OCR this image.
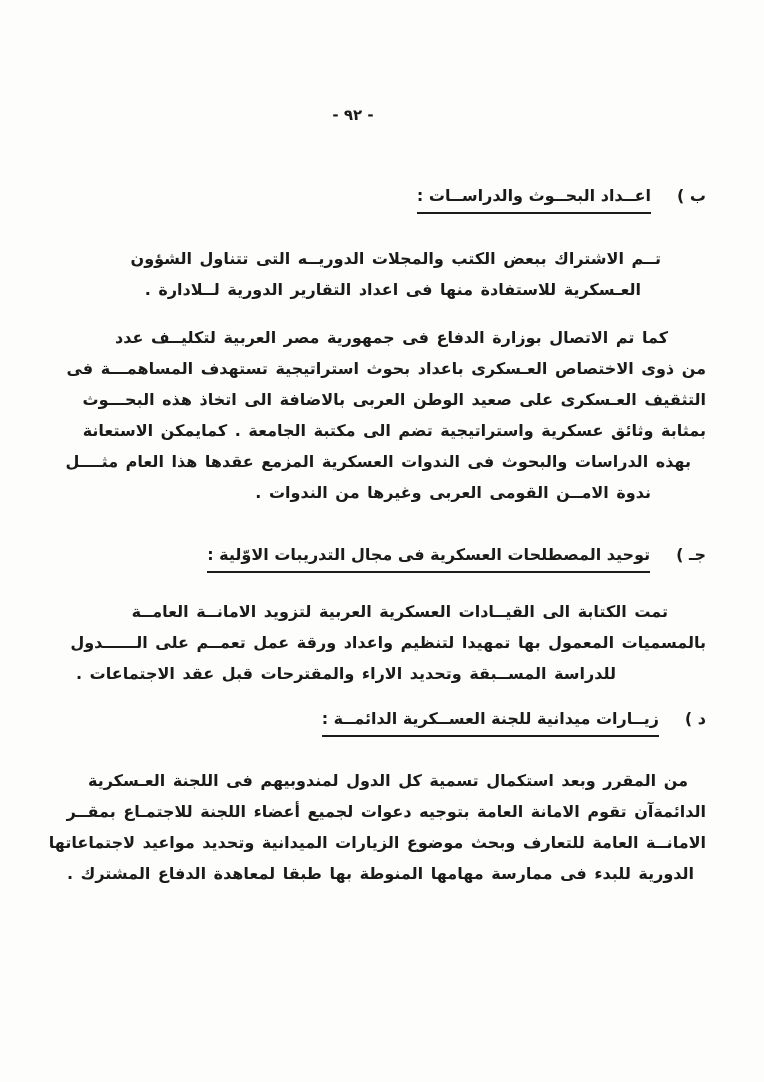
- ٩٢ -
ب )
اعــداد البحــوث والدراســات :
تــم الاشتراك ببعض الكتب والمجلات الدوريــه التى تتناول الشؤون
العـسكرية للاستفادة منها فى اعداد التقارير الدورية لــلادارة .
كما تم الاتصال بوزارة الدفاع فى جمهورية مصر العربية لتكليــف عدد
من ذوى الاختصاص العـسكرى باعداد بحوث استراتيجية تستهدف المساهمـــة فى
التثقيف العـسكرى على صعيد الوطن العربى بالاضافة الى اتخاذ هذه البحـــوث
بمثابة وثائق عسكرية واستراتيجية تضم الى مكتبة الجامعة . كمايمكن الاستعانة
بهذه الدراسات والبحوث فى الندوات العسكرية المزمع عقدها هذا العام مثــــل
ندوة الامــن القومى العربى وغيرها من الندوات .
جـ )
توحيد المصطلحات العسكرية فى مجال التدريبات الاوّلية :
تمت الكتابة الى القيــادات العسكرية العربية لتزويد الامانــة العامــة
بالمسميات المعمول بها تمهيدا لتنظيم واعداد ورقة عمل تعمــم على الــــــدول
للدراسة المســبقة وتحديد الاراء والمقترحات قبل عقد الاجتماعات .
د )
زيــارات ميدانية للجنة العســكرية الدائمــة :
من المقرر وبعد استكمال تسمية كل الدول لمندوبيهم فى اللجنة العـسكرية
الدائمةآن تقوم الامانة العامة بتوجيه دعوات لجميع أعضاء اللجنة للاجتمـاع بمقــر
الامانــة العامة للتعارف وبحث موضوع الزيارات الميدانية وتحديد مواعيد لاجتماعاتها
الدورية للبدء فى ممارسة مهامها المنوطة بها طبقا لمعاهدة الدفاع المشترك .
